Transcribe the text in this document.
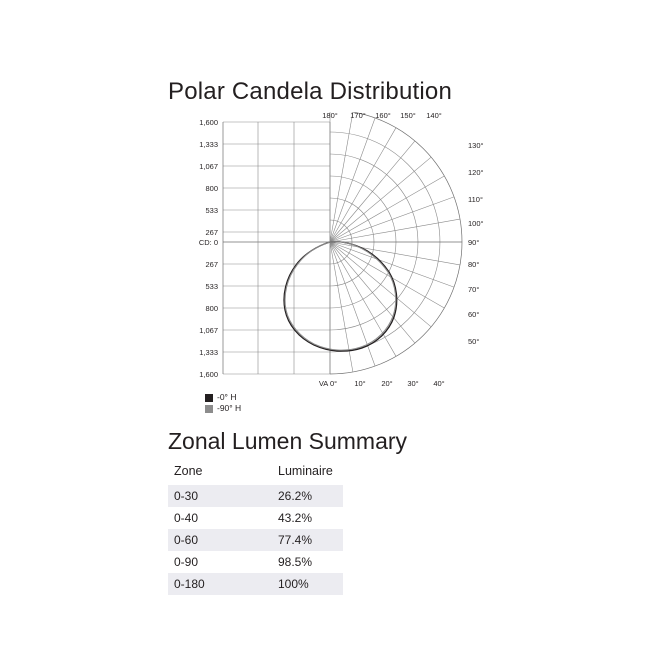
Polar Candela Distribution
1,600
1,333
1,067
800
533
267
CD: 0
267
533
800
1,067
1,333
1,600
180° 170° 160° 150° 140°
130°
120°
110°
100°
90°
80°
70°
60°
50°
VA 0° 10° 20° 30° 40°
-0° H
-90° H
Zonal Lumen Summary
Zone	Luminaire
0-30	26.2%
0-40	43.2%
0-60	77.4%
0-90	98.5%
0-180	100%
